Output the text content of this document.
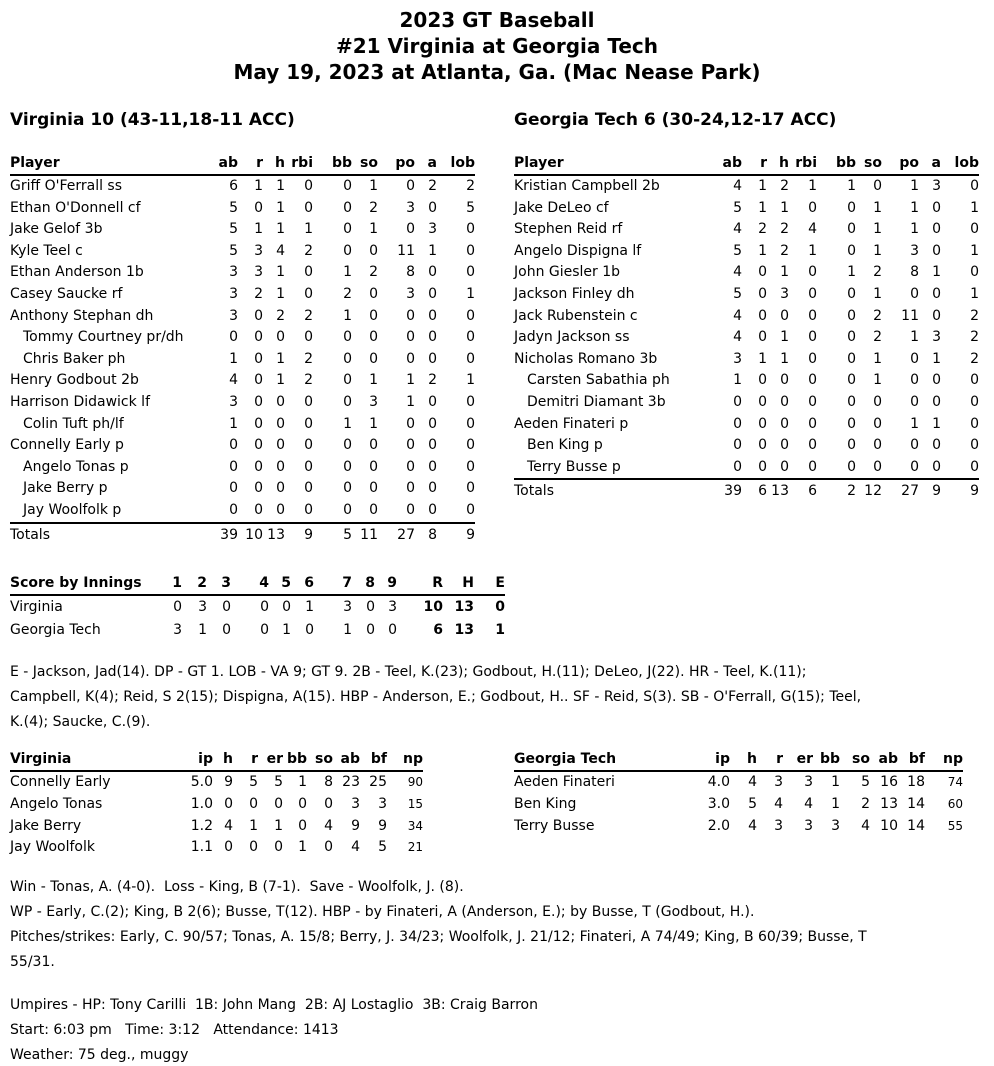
2023 GT Baseball
#21 Virginia at Georgia Tech
May 19, 2023 at Atlanta, Ga. (Mac Nease Park)

Virginia 10 (43-11,18-11 ACC)

Player	ab	r	h	rbi	bb	so	po	a	lob
Griff O'Ferrall ss	6	1	1	0	0	1	0	2	2
Ethan O'Donnell cf	5	0	1	0	0	2	3	0	5
Jake Gelof 3b	5	1	1	1	0	1	0	3	0
Kyle Teel c	5	3	4	2	0	0	11	1	0
Ethan Anderson 1b	3	3	1	0	1	2	8	0	0
Casey Saucke rf	3	2	1	0	2	0	3	0	1
Anthony Stephan dh	3	0	2	2	1	0	0	0	0
Tommy Courtney pr/dh	0	0	0	0	0	0	0	0	0
Chris Baker ph	1	0	1	2	0	0	0	0	0
Henry Godbout 2b	4	0	1	2	0	1	1	2	1
Harrison Didawick lf	3	0	0	0	0	3	1	0	0
Colin Tuft ph/lf	1	0	0	0	1	1	0	0	0
Connelly Early p	0	0	0	0	0	0	0	0	0
Angelo Tonas p	0	0	0	0	0	0	0	0	0
Jake Berry p	0	0	0	0	0	0	0	0	0
Jay Woolfolk p	0	0	0	0	0	0	0	0	0
Totals	39	10	13	9	5	11	27	8	9

Georgia Tech 6 (30-24,12-17 ACC)

Player	ab	r	h	rbi	bb	so	po	a	lob
Kristian Campbell 2b	4	1	2	1	1	0	1	3	0
Jake DeLeo cf	5	1	1	0	0	1	1	0	1
Stephen Reid rf	4	2	2	4	0	1	1	0	0
Angelo Dispigna lf	5	1	2	1	0	1	3	0	1
John Giesler 1b	4	0	1	0	1	2	8	1	0
Jackson Finley dh	5	0	3	0	0	1	0	0	1
Jack Rubenstein c	4	0	0	0	0	2	11	0	2
Jadyn Jackson ss	4	0	1	0	0	2	1	3	2
Nicholas Romano 3b	3	1	1	0	0	1	0	1	2
Carsten Sabathia ph	1	0	0	0	0	1	0	0	0
Demitri Diamant 3b	0	0	0	0	0	0	0	0	0
Aeden Finateri p	0	0	0	0	0	0	1	1	0
Ben King p	0	0	0	0	0	0	0	0	0
Terry Busse p	0	0	0	0	0	0	0	0	0
Totals	39	6	13	6	2	12	27	9	9
Score by Innings	1	2	3		4	5	6		7	8	9	R	H	E
Virginia	0	3	0		0	0	1		3	0	3	10	13	0
Georgia Tech	3	1	0		0	1	0		1	0	0	6	13	1

E - Jackson, Jad(14). DP - GT 1. LOB - VA 9; GT 9. 2B - Teel, K.(23); Godbout, H.(11); DeLeo, J(22). HR - Teel, K.(11); Campbell, K(4); Reid, S 2(15); Dispigna, A(15). HBP - Anderson, E.; Godbout, H.. SF - Reid, S(3). SB - O'Ferrall, G(15); Teel, K.(4); Saucke, C.(9).

Virginia	ip	h	r	er	bb	so	ab	bf	np
Connelly Early	5.0	9	5	5	1	8	23	25	90
Angelo Tonas	1.0	0	0	0	0	0	3	3	15
Jake Berry	1.2	4	1	1	0	4	9	9	34
Jay Woolfolk	1.1	0	0	0	1	0	4	5	21
Georgia Tech	ip	h	r	er	bb	so	ab	bf	np
Aeden Finateri	4.0	4	3	3	1	5	16	18	74
Ben King	3.0	5	4	4	1	2	13	14	60
Terry Busse	2.0	4	3	3	3	4	10	14	55

Win - Tonas, A. (4-0).  Loss - King, B (7-1).  Save - Woolfolk, J. (8).

WP - Early, C.(2); King, B 2(6); Busse, T(12). HBP - by Finateri, A (Anderson, E.); by Busse, T (Godbout, H.).

Pitches/strikes: Early, C. 90/57; Tonas, A. 15/8; Berry, J. 34/23; Woolfolk, J. 21/12; Finateri, A 74/49; King, B 60/39; Busse, T 55/31.

Umpires - HP: Tony Carilli  1B: John Mang  2B: AJ Lostaglio  3B: Craig Barron

Start: 6:03 pm   Time: 3:12   Attendance: 1413

Weather: 75 deg., muggy
